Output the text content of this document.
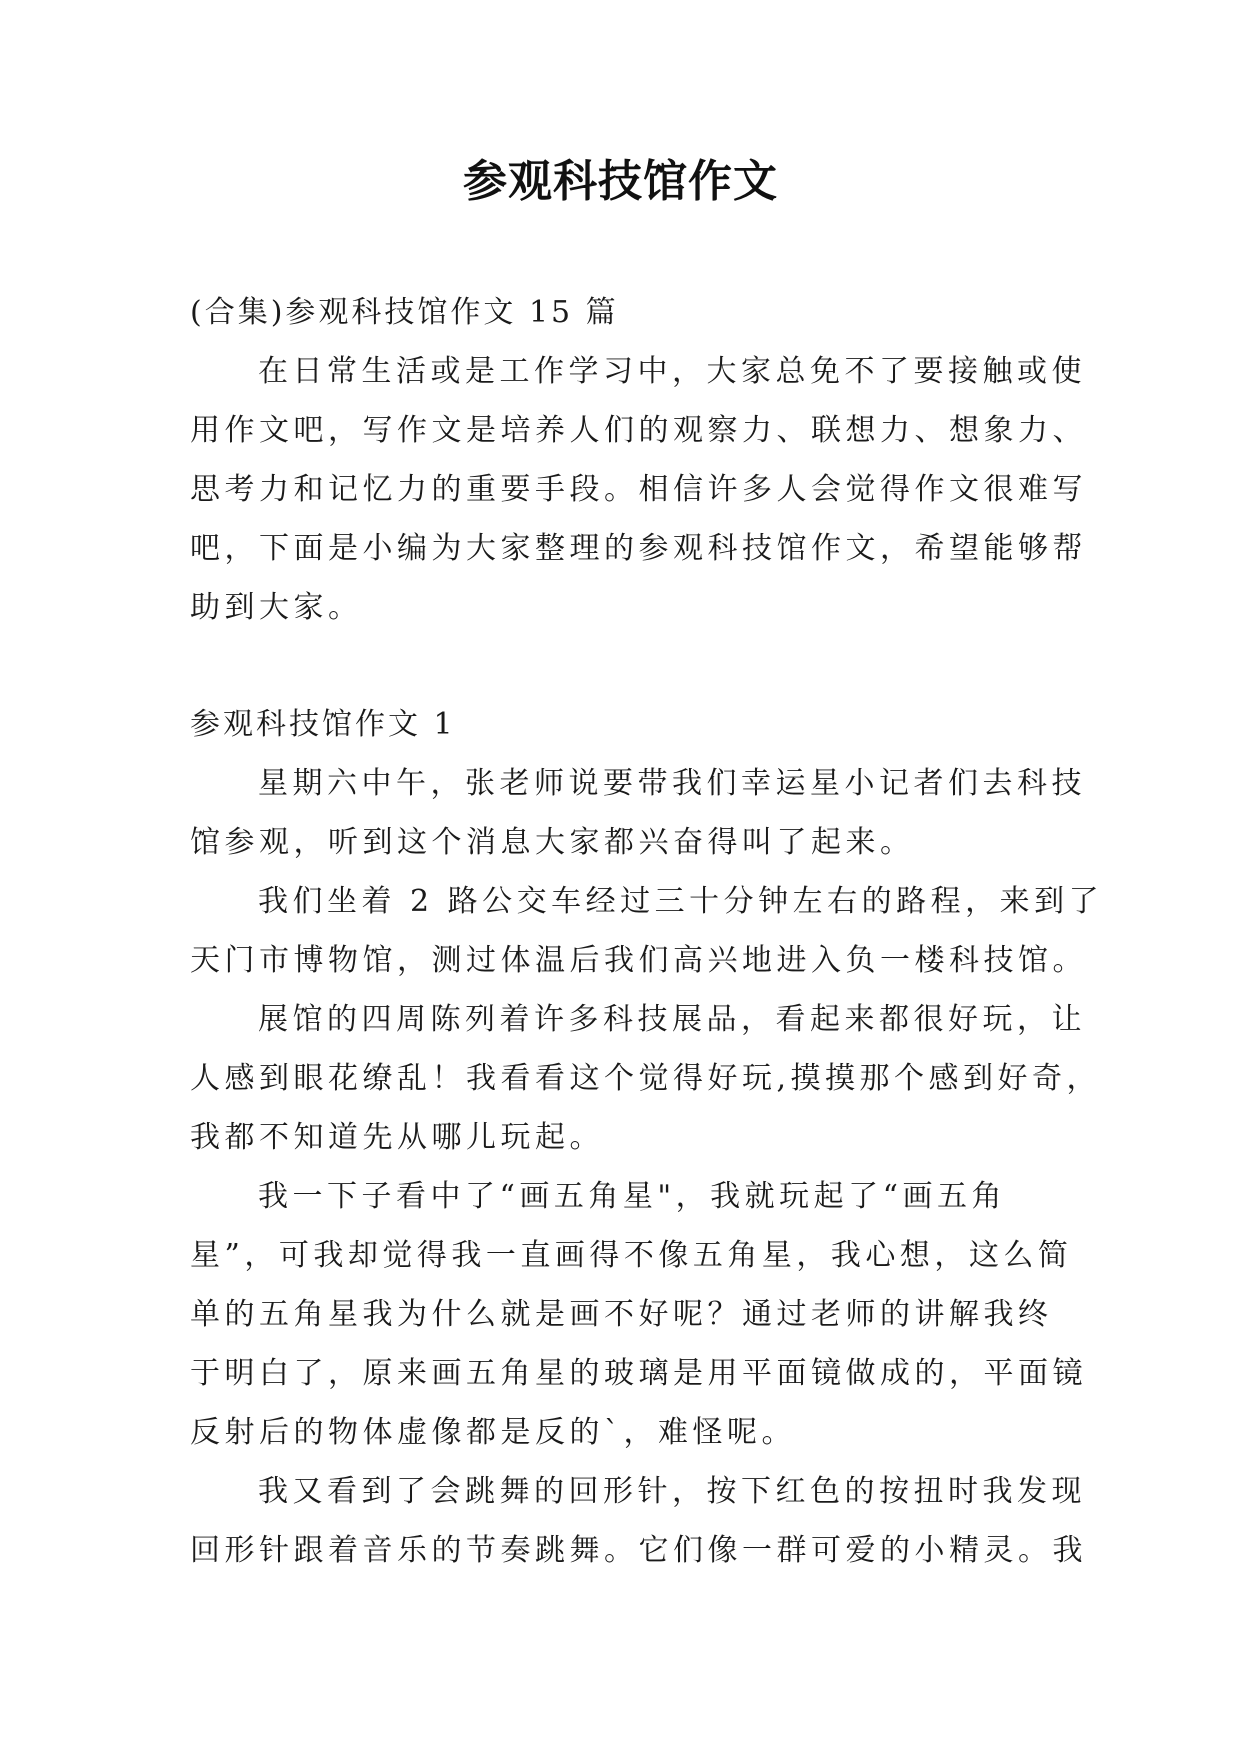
参观科技馆作文
(合集)参观科技馆作文 15 篇
在日常生活或是工作学习中，大家总免不了要接触或使
用作文吧，写作文是培养人们的观察力、联想力、想象力、
思考力和记忆力的重要手段。相信许多人会觉得作文很难写
吧，下面是小编为大家整理的参观科技馆作文，希望能够帮
助到大家。
参观科技馆作文 1
星期六中午，张老师说要带我们幸运星小记者们去科技
馆参观，听到这个消息大家都兴奋得叫了起来。
我们坐着 2 路公交车经过三十分钟左右的路程，来到了
天门市博物馆，测过体温后我们高兴地进入负一楼科技馆。
展馆的四周陈列着许多科技展品，看起来都很好玩，让
人感到眼花缭乱！我看看这个觉得好玩,摸摸那个感到好奇，
我都不知道先从哪儿玩起。
我一下子看中了“画五角星"，我就玩起了“画五角
星”，可我却觉得我一直画得不像五角星，我心想，这么简
单的五角星我为什么就是画不好呢？通过老师的讲解我终
于明白了，原来画五角星的玻璃是用平面镜做成的，平面镜
反射后的物体虚像都是反的`，难怪呢。
我又看到了会跳舞的回形针，按下红色的按扭时我发现
回形针跟着音乐的节奏跳舞。它们像一群可爱的小精灵。我
